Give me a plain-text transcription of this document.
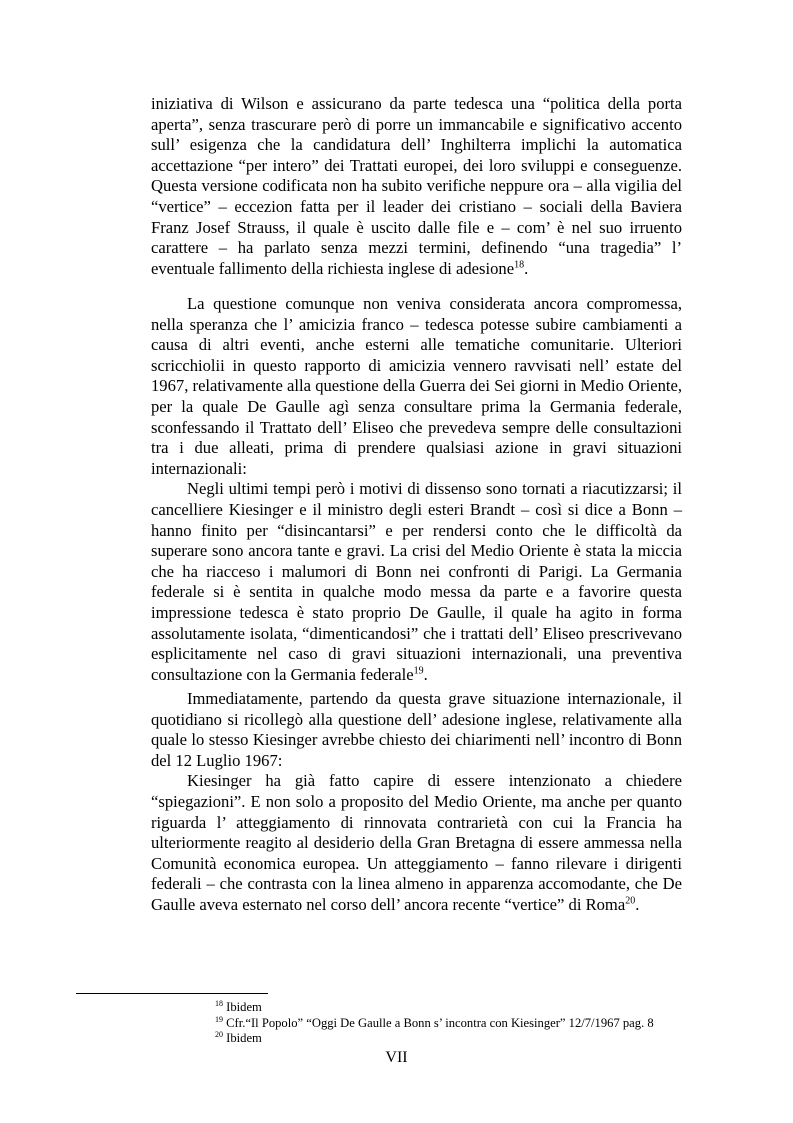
iniziativa di Wilson e assicurano da parte tedesca una “politica della porta aperta”, senza trascurare però di porre un immancabile e significativo accento sull’ esigenza che la candidatura dell’ Inghilterra implichi la automatica accettazione “per intero” dei Trattati europei, dei loro sviluppi e conseguenze. Questa versione codificata non ha subito verifiche neppure ora – alla vigilia del “vertice” – eccezion fatta per il leader dei cristiano – sociali della Baviera Franz Josef Strauss, il quale è uscito dalle file e – com’ è nel suo irruento carattere – ha parlato senza mezzi termini, definendo “una tragedia” l’ eventuale fallimento della richiesta inglese di adesione$^{18}$.

La questione comunque non veniva considerata ancora compromessa, nella speranza che l’ amicizia franco – tedesca potesse subire cambiamenti a causa di altri eventi, anche esterni alle tematiche comunitarie. Ulteriori scricchiolii in questo rapporto di amicizia vennero ravvisati nell’ estate del 1967, relativamente alla questione della Guerra dei Sei giorni in Medio Oriente, per la quale De Gaulle agì senza consultare prima la Germania federale, sconfessando il Trattato dell’ Eliseo che prevedeva sempre delle consultazioni tra i due alleati, prima di prendere qualsiasi azione in gravi situazioni internazionali:

Negli ultimi tempi però i motivi di dissenso sono tornati a riacutizzarsi; il cancelliere Kiesinger e il ministro degli esteri Brandt – così si dice a Bonn – hanno finito per “disincantarsi” e per rendersi conto che le difficoltà da superare sono ancora tante e gravi. La crisi del Medio Oriente è stata la miccia che ha riacceso i malumori di Bonn nei confronti di Parigi. La Germania federale si è sentita in qualche modo messa da parte e a favorire questa impressione tedesca è stato proprio De Gaulle, il quale ha agito in forma assolutamente isolata, “dimenticandosi” che i trattati dell’ Eliseo prescrivevano esplicitamente nel caso di gravi situazioni internazionali, una preventiva consultazione con la Germania federale$^{19}$.

Immediatamente, partendo da questa grave situazione internazionale, il quotidiano si ricollegò alla questione dell’ adesione inglese, relativamente alla quale lo stesso Kiesinger avrebbe chiesto dei chiarimenti nell’ incontro di Bonn del 12 Luglio 1967:

Kiesinger ha già fatto capire di essere intenzionato a chiedere “spiegazioni”. E non solo a proposito del Medio Oriente, ma anche per quanto riguarda l’ atteggiamento di rinnovata contrarietà con cui la Francia ha ulteriormente reagito al desiderio della Gran Bretagna di essere ammessa nella Comunità economica europea. Un atteggiamento – fanno rilevare i dirigenti federali – che contrasta con la linea almeno in apparenza accomodante, che De Gaulle aveva esternato nel corso dell’ ancora recente “vertice” di Roma$^{20}$.

$^{18}$ Ibidem
$^{19}$ Cfr.“Il Popolo” “Oggi De Gaulle a Bonn s’ incontra con Kiesinger” 12/7/1967 pag. 8
$^{20}$ Ibidem
VII
